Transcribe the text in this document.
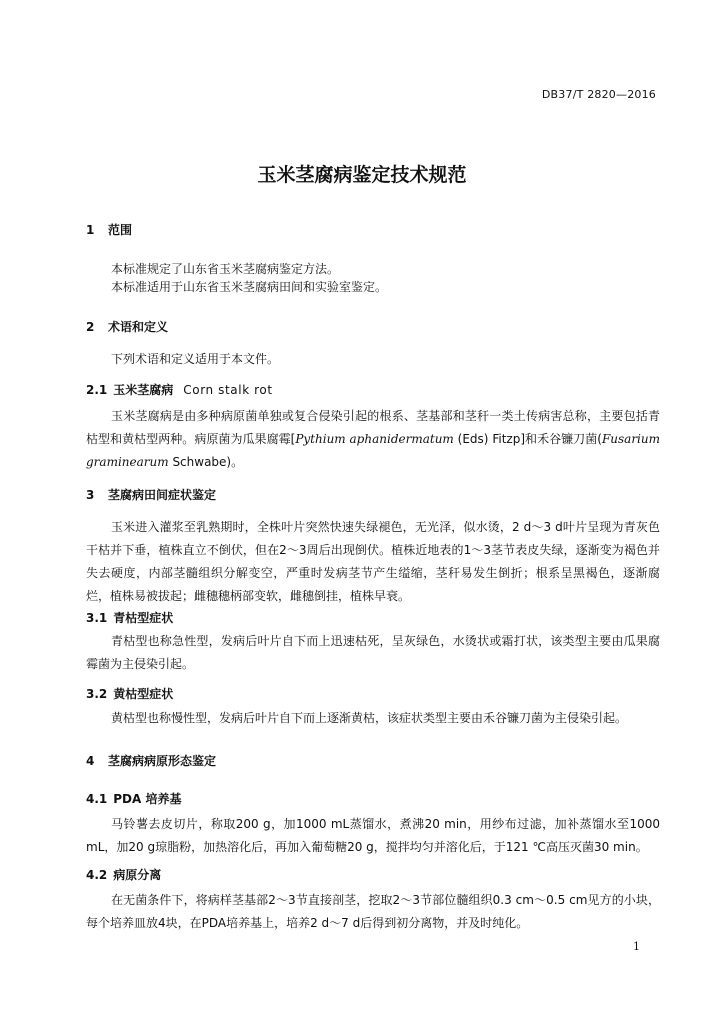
DB37/T 2820—2016
玉米茎腐病鉴定技术规范
1 范围
本标准规定了山东省玉米茎腐病鉴定方法。
本标准适用于山东省玉米茎腐病田间和实验室鉴定。
2 术语和定义
下列术语和定义适用于本文件。
2.1 玉米茎腐病 Corn stalk rot
玉米茎腐病是由多种病原菌单独或复合侵染引起的根系、茎基部和茎秆一类土传病害总称，主要包括青枯型和黄枯型两种。病原菌为瓜果腐霉[Pythium aphanidermatum (Eds) Fitzp]和禾谷镰刀菌(Fusarium graminearum Schwabe)。
3 茎腐病田间症状鉴定
玉米进入灌浆至乳熟期时，全株叶片突然快速失绿褪色，无光泽，似水烫，2 d～3 d叶片呈现为青灰色干枯并下垂，植株直立不倒伏，但在2～3周后出现倒伏。植株近地表的1～3茎节表皮失绿，逐渐变为褐色并失去硬度，内部茎髓组织分解变空，严重时发病茎节产生缢缩，茎秆易发生倒折；根系呈黑褐色，逐渐腐烂，植株易被拔起；雌穗穗柄部变软，雌穗倒挂，植株早衰。
3.1 青枯型症状
青枯型也称急性型，发病后叶片自下而上迅速枯死，呈灰绿色，水烫状或霜打状，该类型主要由瓜果腐霉菌为主侵染引起。
3.2 黄枯型症状
黄枯型也称慢性型，发病后叶片自下而上逐渐黄枯，该症状类型主要由禾谷镰刀菌为主侵染引起。
4 茎腐病病原形态鉴定
4.1 PDA 培养基
马铃薯去皮切片，称取200 g，加1000 mL蒸馏水，煮沸20 min，用纱布过滤，加补蒸馏水至1000 mL，加20 g琼脂粉，加热溶化后，再加入葡萄糖20 g，搅拌均匀并溶化后，于121 ℃高压灭菌30 min。
4.2 病原分离
在无菌条件下，将病样茎基部2～3节直接剖茎，挖取2～3节部位髓组织0.3 cm～0.5 cm见方的小块，每个培养皿放4块，在PDA培养基上，培养2 d～7 d后得到初分离物，并及时纯化。
1
